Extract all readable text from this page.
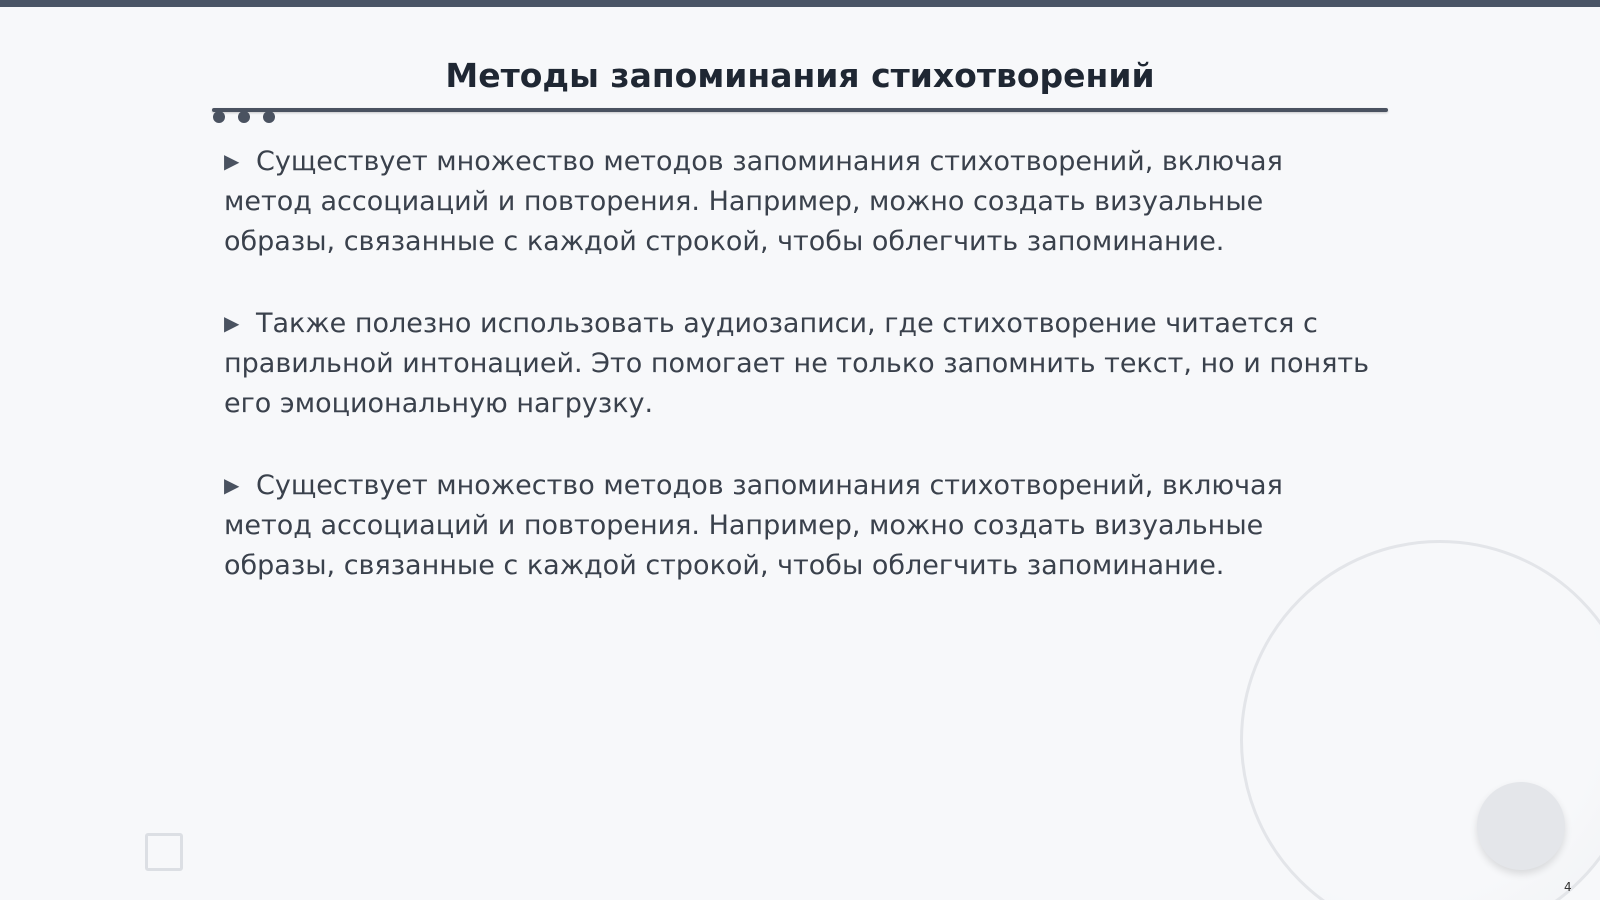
Методы запоминания стихотворений

▶ Существует множество методов запоминания стихотворений, включая метод ассоциаций и повторения. Например, можно создать визуальные образы, связанные с каждой строкой, чтобы облегчить запоминание.

▶ Также полезно использовать аудиозаписи, где стихотворение читается с правильной интонацией. Это помогает не только запомнить текст, но и понять его эмоциональную нагрузку.

▶ Существует множество методов запоминания стихотворений, включая метод ассоциаций и повторения. Например, можно создать визуальные образы, связанные с каждой строкой, чтобы облегчить запоминание.

4
